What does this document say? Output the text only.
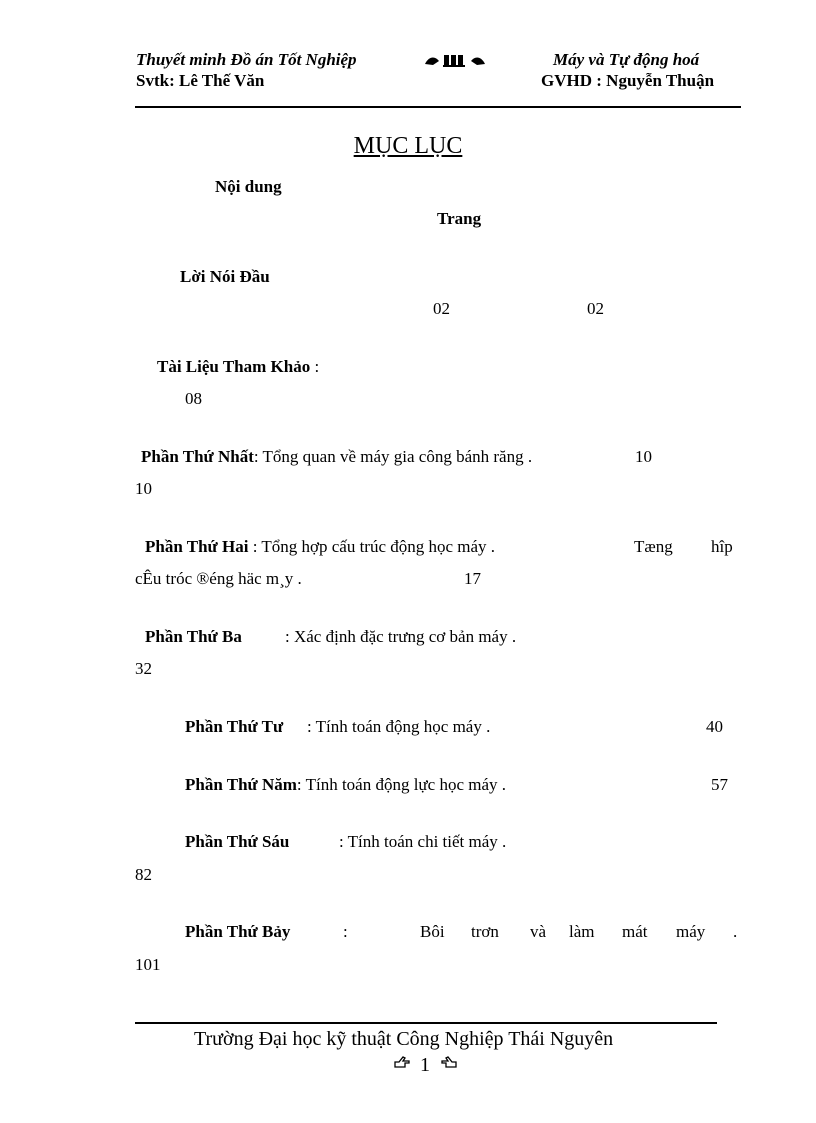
Thuyết minh Đồ án Tốt Nghiệp
Svtk: Lê Thế Văn
Máy và Tự động hoá
GVHD : Nguyễn Thuận
MỤC LỤC
Nội dung
Trang
Lời Nói Đầu
02	02
Tài Liệu Tham Khảo :
08
Phần Thứ Nhất: Tổng quan về máy gia công bánh răng .	10
10
Phần Thứ Hai : Tổng hợp cấu trúc động học máy .	Tæng hîp
cÊu tróc ®éng häc m¸y .	17
Phần Thứ Ba	: Xác định đặc trưng cơ bản máy .
32
Phần Thứ Tư : Tính toán động học máy .	40
Phần Thứ Năm: Tính toán động lực học máy .	57
Phần Thứ Sáu	: Tính toán chi tiết máy .
82
Phần Thứ Bảy	:	Bôi trơn và làm mát máy .
101
Trường Đại học kỹ thuật Công Nghiệp Thái Nguyên
1
